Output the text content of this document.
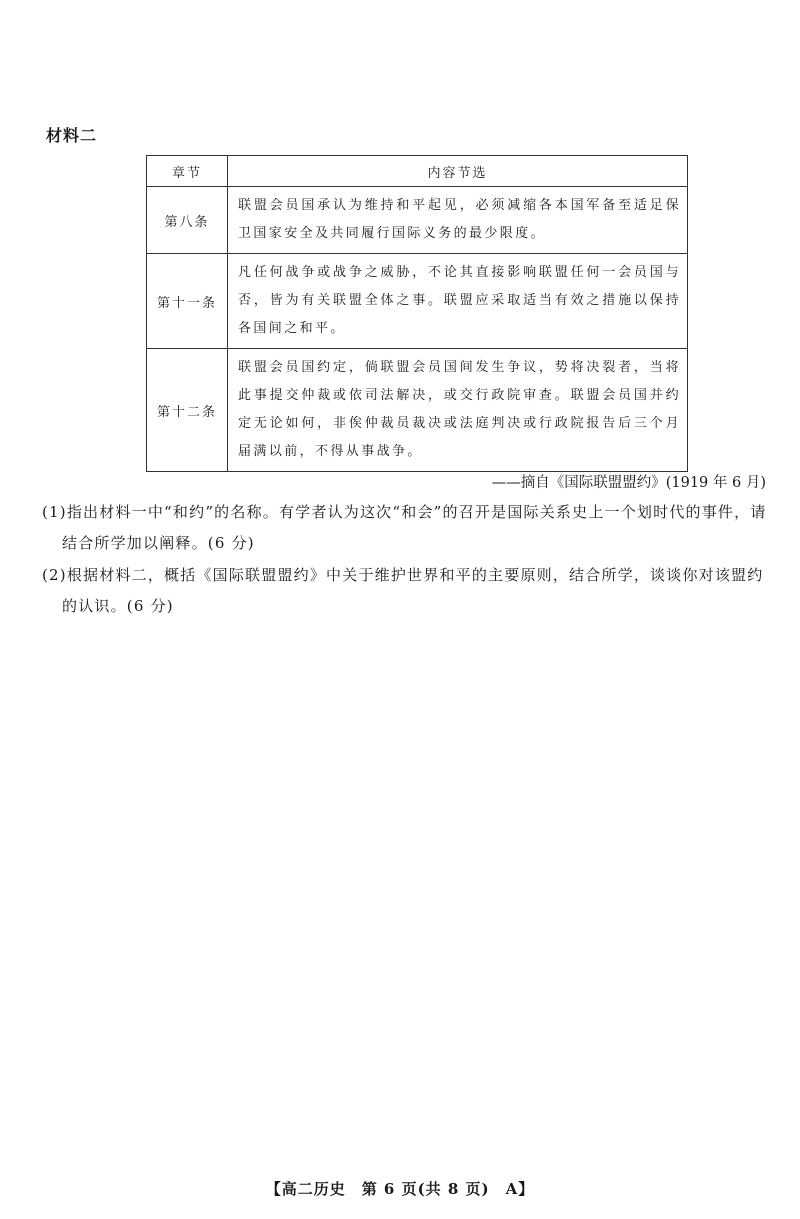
材料二
章节	内容节选
第八条	联盟会员国承认为维持和平起见，必须减缩各本国军备至适足保卫国家安全及共同履行国际义务的最少限度。
第十一条	凡任何战争或战争之威胁，不论其直接影响联盟任何一会员国与否，皆为有关联盟全体之事。联盟应采取适当有效之措施以保持各国间之和平。
第十二条	联盟会员国约定，倘联盟会员国间发生争议，势将决裂者，当将此事提交仲裁或依司法解决，或交行政院审查。联盟会员国并约定无论如何，非俟仲裁员裁决或法庭判决或行政院报告后三个月届满以前，不得从事战争。
——摘自《国际联盟盟约》(1919 年 6 月)
(1)指出材料一中“和约”的名称。有学者认为这次“和会”的召开是国际关系史上一个划时代的事件，请结合所学加以阐释。(6 分)
(2)根据材料二，概括《国际联盟盟约》中关于维护世界和平的主要原则，结合所学，谈谈你对该盟约的认识。(6 分)
【高二历史　第 6 页(共 8 页)　A】
